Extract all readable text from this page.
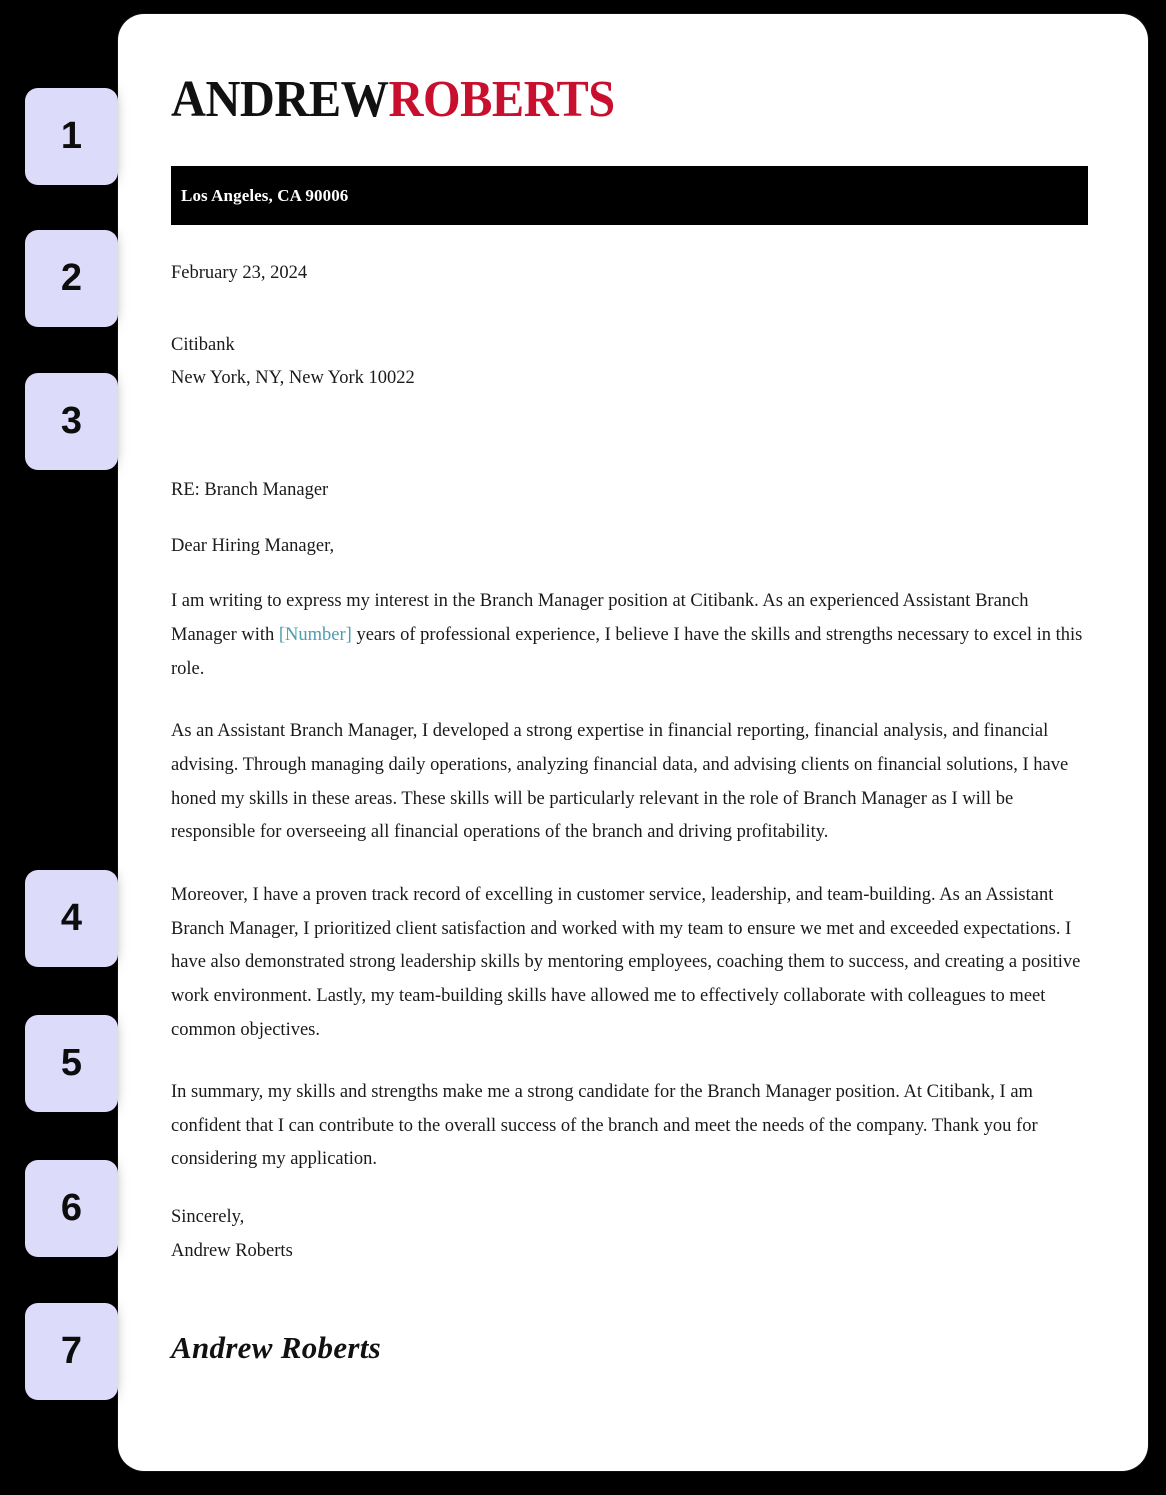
ANDREWROBERTS
Los Angeles, CA 90006
February 23, 2024
Citibank
New York, NY, New York 10022
RE: Branch Manager
Dear Hiring Manager,

I am writing to express my interest in the Branch Manager position at Citibank. As an experienced Assistant Branch Manager with [Number] years of professional experience, I believe I have the skills and strengths necessary to excel in this role.

As an Assistant Branch Manager, I developed a strong expertise in financial reporting, financial analysis, and financial advising. Through managing daily operations, analyzing financial data, and advising clients on financial solutions, I have honed my skills in these areas. These skills will be particularly relevant in the role of Branch Manager as I will be responsible for overseeing all financial operations of the branch and driving profitability.

Moreover, I have a proven track record of excelling in customer service, leadership, and team-building. As an Assistant Branch Manager, I prioritized client satisfaction and worked with my team to ensure we met and exceeded expectations. I have also demonstrated strong leadership skills by mentoring employees, coaching them to success, and creating a positive work environment. Lastly, my team-building skills have allowed me to effectively collaborate with colleagues to meet common objectives.

In summary, my skills and strengths make me a strong candidate for the Branch Manager position. At Citibank, I am confident that I can contribute to the overall success of the branch and meet the needs of the company. Thank you for considering my application.

Sincerely,
Andrew Roberts
Andrew Roberts
1
2
3
4
5
6
7
